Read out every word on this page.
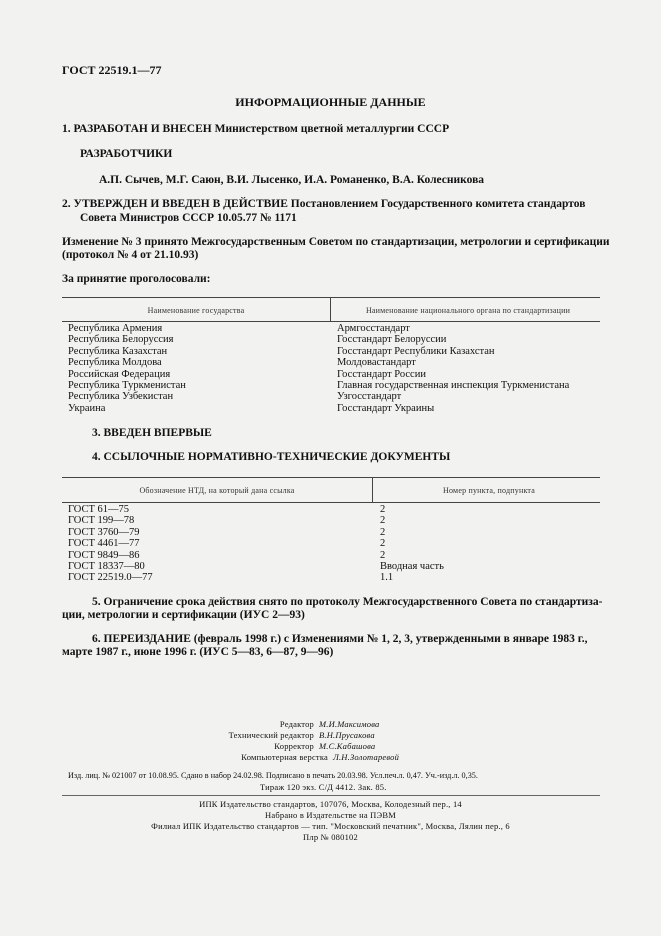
ГОСТ 22519.1—77
ИНФОРМАЦИОННЫЕ ДАННЫЕ
1. РАЗРАБОТАН И ВНЕСЕН Министерством цветной металлургии СССР
РАЗРАБОТЧИКИ
А.П. Сычев, М.Г. Саюн, В.И. Лысенко, И.А. Романенко, В.А. Колесникова
2. УТВЕРЖДЕН И ВВЕДЕН В ДЕЙСТВИЕ Постановлением Государственного комитета стандартов
Совета Министров СССР 10.05.77 № 1171
Изменение № 3 принято Межгосударственным Советом по стандартизации, метрологии и сертификации
(протокол № 4 от 21.10.93)
За принятие проголосовали:
Наименование государства	Наименование национального органа по стандартизации
Республика Армения
Республика Белоруссия
Республика Казахстан
Республика Молдова
Российская Федерация
Республика Туркменистан
Республика Узбекистан
Украина
Армгосстандарт
Госстандарт Белоруссии
Госстандарт Республики Казахстан
Молдовастандарт
Госстандарт России
Главная государственная инспекция Туркменистана
Узгосстандарт
Госстандарт Украины
3. ВВЕДЕН ВПЕРВЫЕ
4. ССЫЛОЧНЫЕ НОРМАТИВНО-ТЕХНИЧЕСКИЕ ДОКУМЕНТЫ
Обозначение НТД, на который дана ссылка	Номер пункта, подпункта
ГОСТ 61—75
ГОСТ 199—78
ГОСТ 3760—79
ГОСТ 4461—77
ГОСТ 9849—86
ГОСТ 18337—80
ГОСТ 22519.0—77
2
2
2
2
2
Вводная часть
1.1
5. Ограничение срока действия снято по протоколу Межгосударственного Совета по стандартиза-
ции, метрологии и сертификации (ИУС 2—93)
6. ПЕРЕИЗДАНИЕ (февраль 1998 г.) с Изменениями № 1, 2, 3, утвержденными в январе 1983 г.,
марте 1987 г., июне 1996 г. (ИУС 5—83, 6—87, 9—96)
Редактор М.И.Максимова
Технический редактор В.Н.Прусакова
Корректор М.С.Кабашова
Компьютерная верстка Л.Н.Золотаревой
Изд. лиц. № 021007 от 10.08.95. Сдано в набор 24.02.98. Подписано в печать 20.03.98. Усл.печ.л. 0,47. Уч.-изд.л. 0,35.
Тираж 120 экз. С/Д 4412. Зак. 85.
ИПК Издательство стандартов, 107076, Москва, Колодезный пер., 14
Набрано в Издательстве на ПЭВМ
Филиал ИПК Издательство стандартов — тип. "Московский печатник", Москва, Лялин пер., 6
Плр № 080102
